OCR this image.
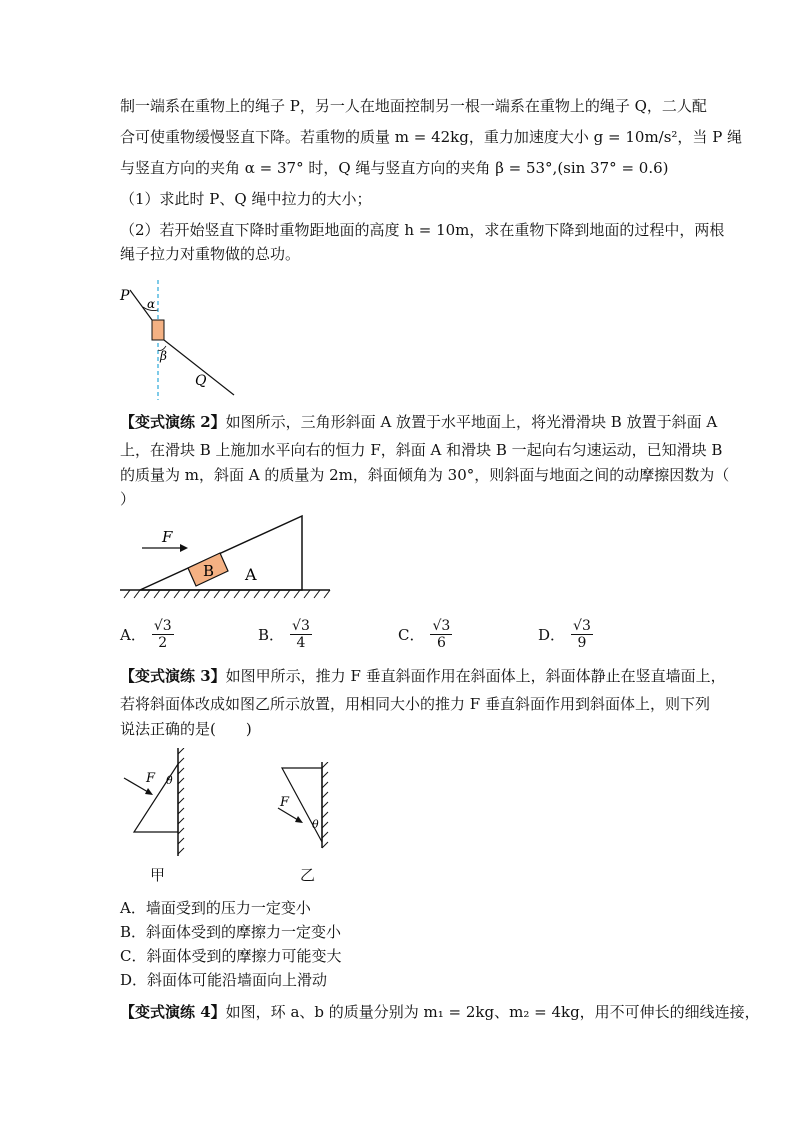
制一端系在重物上的绳子 P，另一人在地面控制另一根一端系在重物上的绳子 Q，二人配
合可使重物缓慢竖直下降。若重物的质量 m = 42kg，重力加速度大小 g = 10m/s²，当 P 绳
与竖直方向的夹角 α = 37° 时，Q 绳与竖直方向的夹角 β = 53°,(sin 37° = 0.6)
（1）求此时 P、Q 绳中拉力的大小；
（2）若开始竖直下降时重物距地面的高度 h = 10m，求在重物下降到地面的过程中，两根
绳子拉力对重物做的总功。
P α
β
Q
【变式演练 2】如图所示，三角形斜面 A 放置于水平地面上，将光滑滑块 B 放置于斜面 A
上，在滑块 B 上施加水平向右的恒力 F，斜面 A 和滑块 B 一起向右匀速运动，已知滑块 B
的质量为 m，斜面 A 的质量为 2m，斜面倾角为 30°，则斜面与地面之间的动摩擦因数为（
）
F
B A
A． $\frac{√3}{2}$	B． $\frac{√3}{4}$	C． $\frac{√3}{6}$	D． $\frac{√3}{9}$
【变式演练 3】如图甲所示，推力 F 垂直斜面作用在斜面体上，斜面体静止在竖直墙面上，
若将斜面体改成如图乙所示放置，用相同大小的推力 F 垂直斜面作用到斜面体上，则下列
说法正确的是(　　)
F θ
甲
F
θ
乙
A．墙面受到的压力一定变小
B．斜面体受到的摩擦力一定变小
C．斜面体受到的摩擦力可能变大
D．斜面体可能沿墙面向上滑动
【变式演练 4】如图，环 a、b 的质量分别为 m₁ = 2kg、m₂ = 4kg，用不可伸长的细线连接，
